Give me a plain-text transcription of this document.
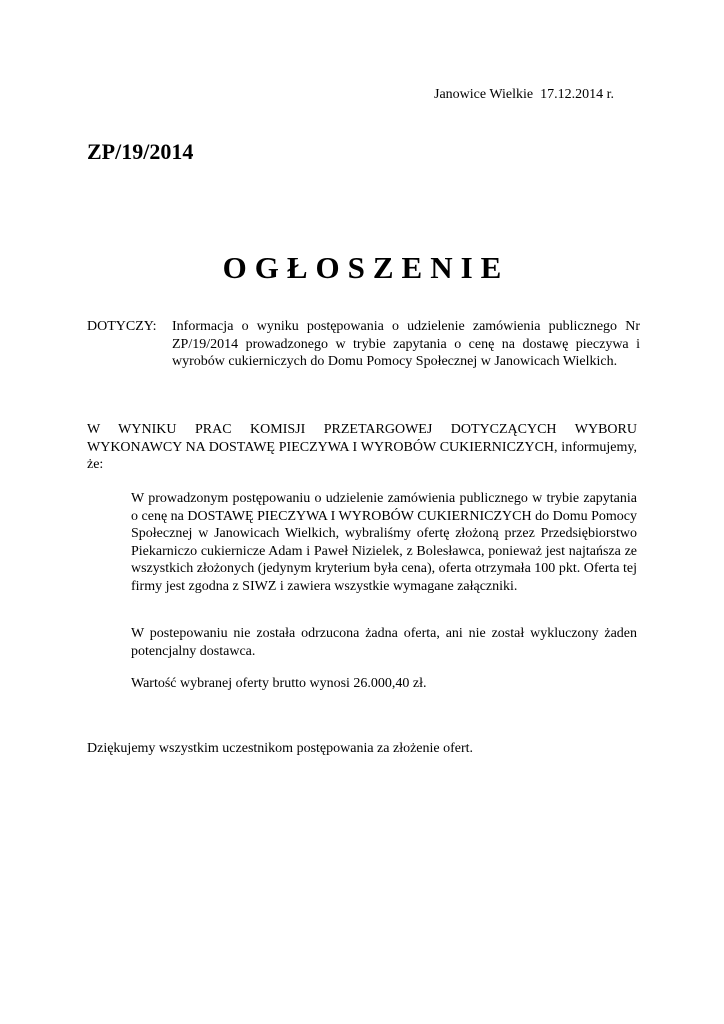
Janowice Wielkie  17.12.2014 r.
ZP/19/2014
OGŁOSZENIE
DOTYCZY: Informacja o wyniku postępowania o udzielenie zamówienia publicznego Nr ZP/19/2014 prowadzonego w trybie zapytania o cenę na dostawę pieczywa i wyrobów cukierniczych do Domu Pomocy Społecznej w Janowicach Wielkich.
W WYNIKU PRAC KOMISJI PRZETARGOWEJ DOTYCZĄCYCH WYBORU WYKONAWCY NA DOSTAWĘ PIECZYWA I WYROBÓW CUKIERNICZYCH, informujemy, że:
W prowadzonym postępowaniu o udzielenie zamówienia publicznego w trybie zapytania o cenę na DOSTAWĘ PIECZYWA I WYROBÓW CUKIERNICZYCH do Domu Pomocy Społecznej w Janowicach Wielkich, wybraliśmy ofertę złożoną przez Przedsiębiorstwo Piekarniczo cukiernicze Adam i Paweł Nizielek, z Bolesławca, ponieważ jest najtańsza ze wszystkich złożonych (jedynym kryterium była cena), oferta otrzymała 100 pkt. Oferta tej firmy jest zgodna z SIWZ i zawiera wszystkie wymagane załączniki.
W postepowaniu nie została odrzucona żadna oferta, ani nie został wykluczony żaden potencjalny dostawca.
Wartość wybranej oferty brutto wynosi 26.000,40 zł.
Dziękujemy wszystkim uczestnikom postępowania za złożenie ofert.
